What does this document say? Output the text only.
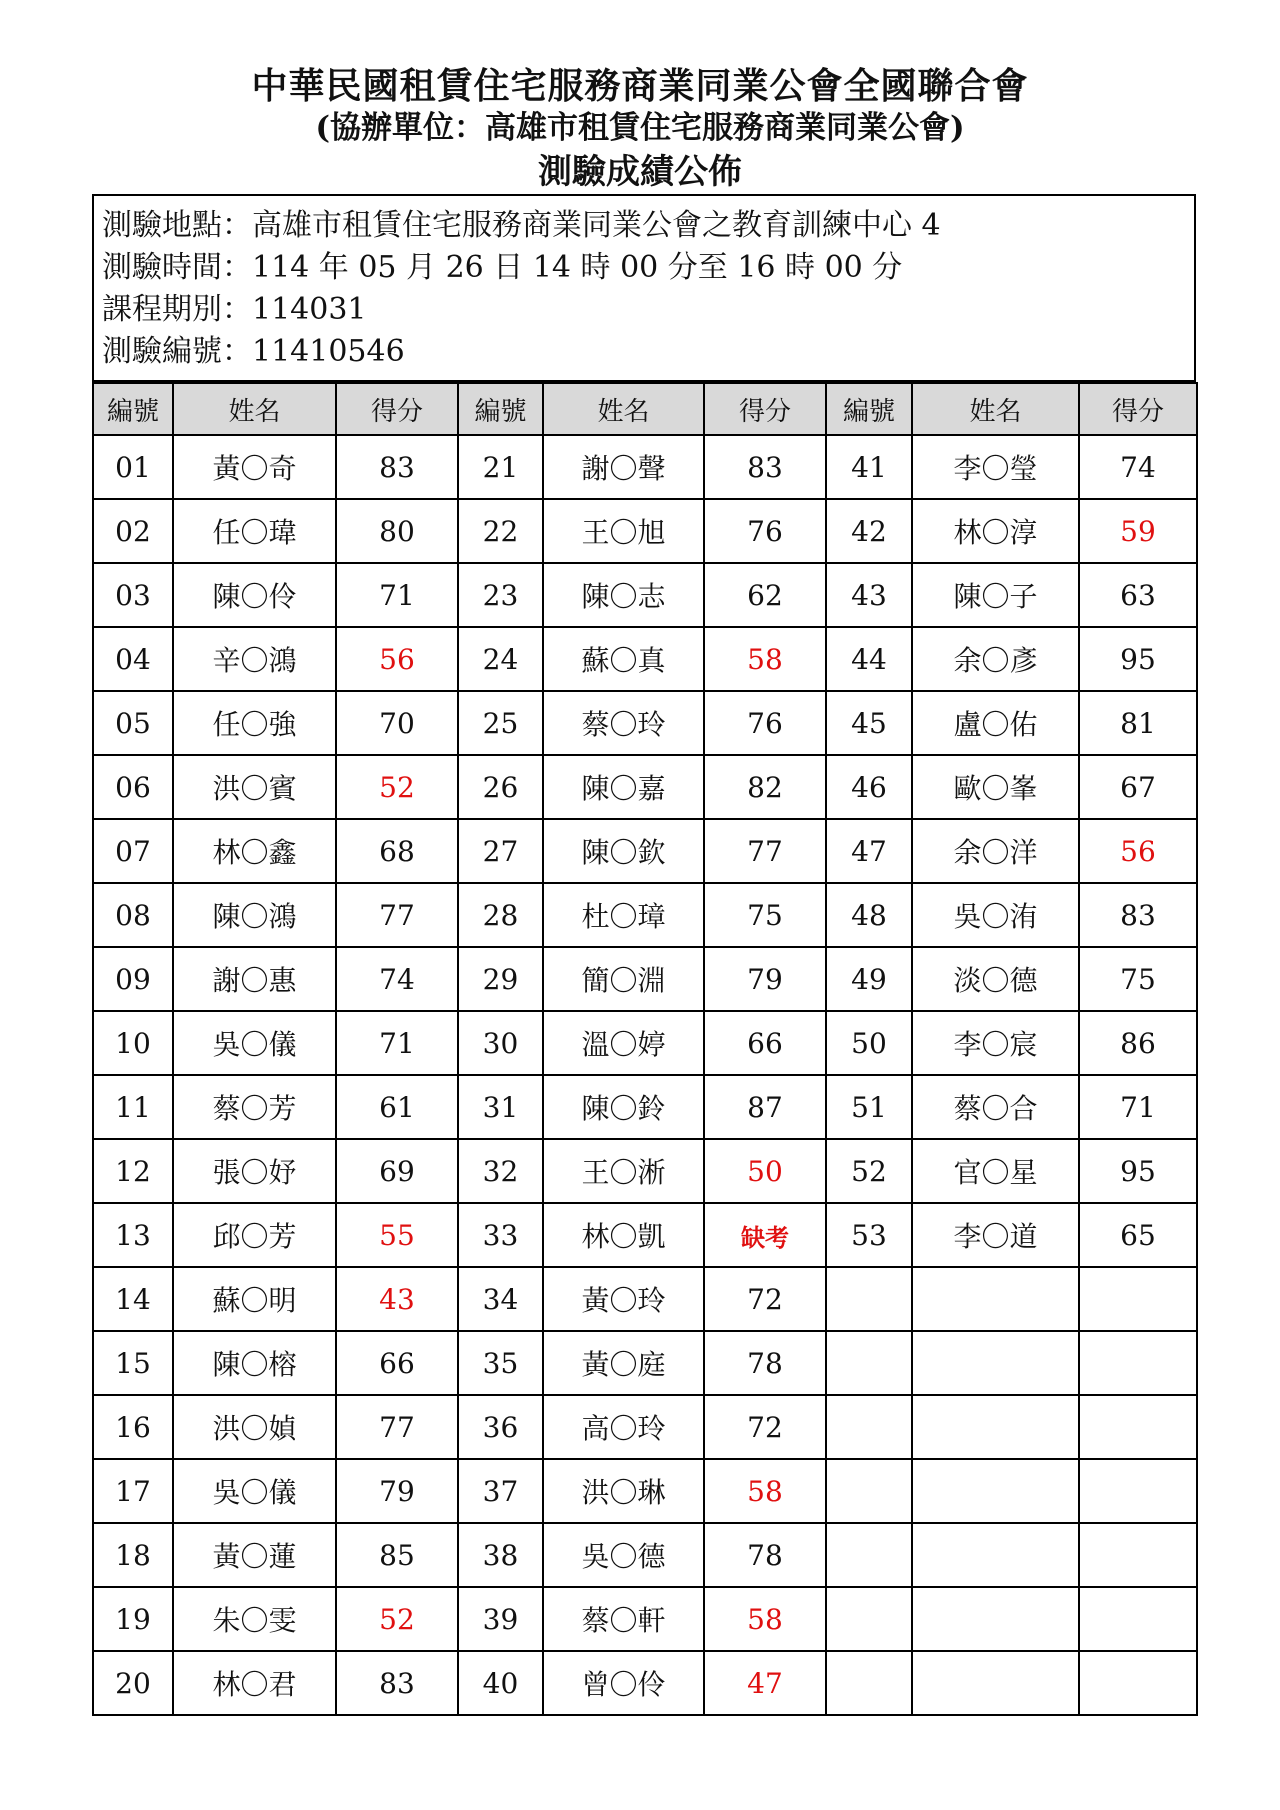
中華民國租賃住宅服務商業同業公會全國聯合會
(協辦單位：高雄市租賃住宅服務商業同業公會)
測驗成績公佈
測驗地點：高雄市租賃住宅服務商業同業公會之教育訓練中心 4
測驗時間：114 年 05 月 26 日 14 時 00 分至 16 時 00 分
課程期別：114031
測驗編號：11410546
編號	姓名	得分	編號	姓名	得分	編號	姓名	得分
01	黃〇奇	83	21	謝〇聲	83	41	李〇瑩	74
02	任〇瑋	80	22	王〇旭	76	42	林〇淳	59
03	陳〇伶	71	23	陳〇志	62	43	陳〇子	63
04	辛〇鴻	56	24	蘇〇真	58	44	余〇彥	95
05	任〇強	70	25	蔡〇玲	76	45	盧〇佑	81
06	洪〇賓	52	26	陳〇嘉	82	46	歐〇峯	67
07	林〇鑫	68	27	陳〇欽	77	47	余〇洋	56
08	陳〇鴻	77	28	杜〇璋	75	48	吳〇洧	83
09	謝〇惠	74	29	簡〇淵	79	49	淡〇德	75
10	吳〇儀	71	30	溫〇婷	66	50	李〇宸	86
11	蔡〇芳	61	31	陳〇鈴	87	51	蔡〇合	71
12	張〇妤	69	32	王〇淅	50	52	官〇星	95
13	邱〇芳	55	33	林〇凱	缺考	53	李〇道	65
14	蘇〇明	43	34	黃〇玲	72			
15	陳〇榕	66	35	黃〇庭	78			
16	洪〇媜	77	36	高〇玲	72			
17	吳〇儀	79	37	洪〇琳	58			
18	黃〇蓮	85	38	吳〇德	78			
19	朱〇雯	52	39	蔡〇軒	58			
20	林〇君	83	40	曾〇伶	47			
